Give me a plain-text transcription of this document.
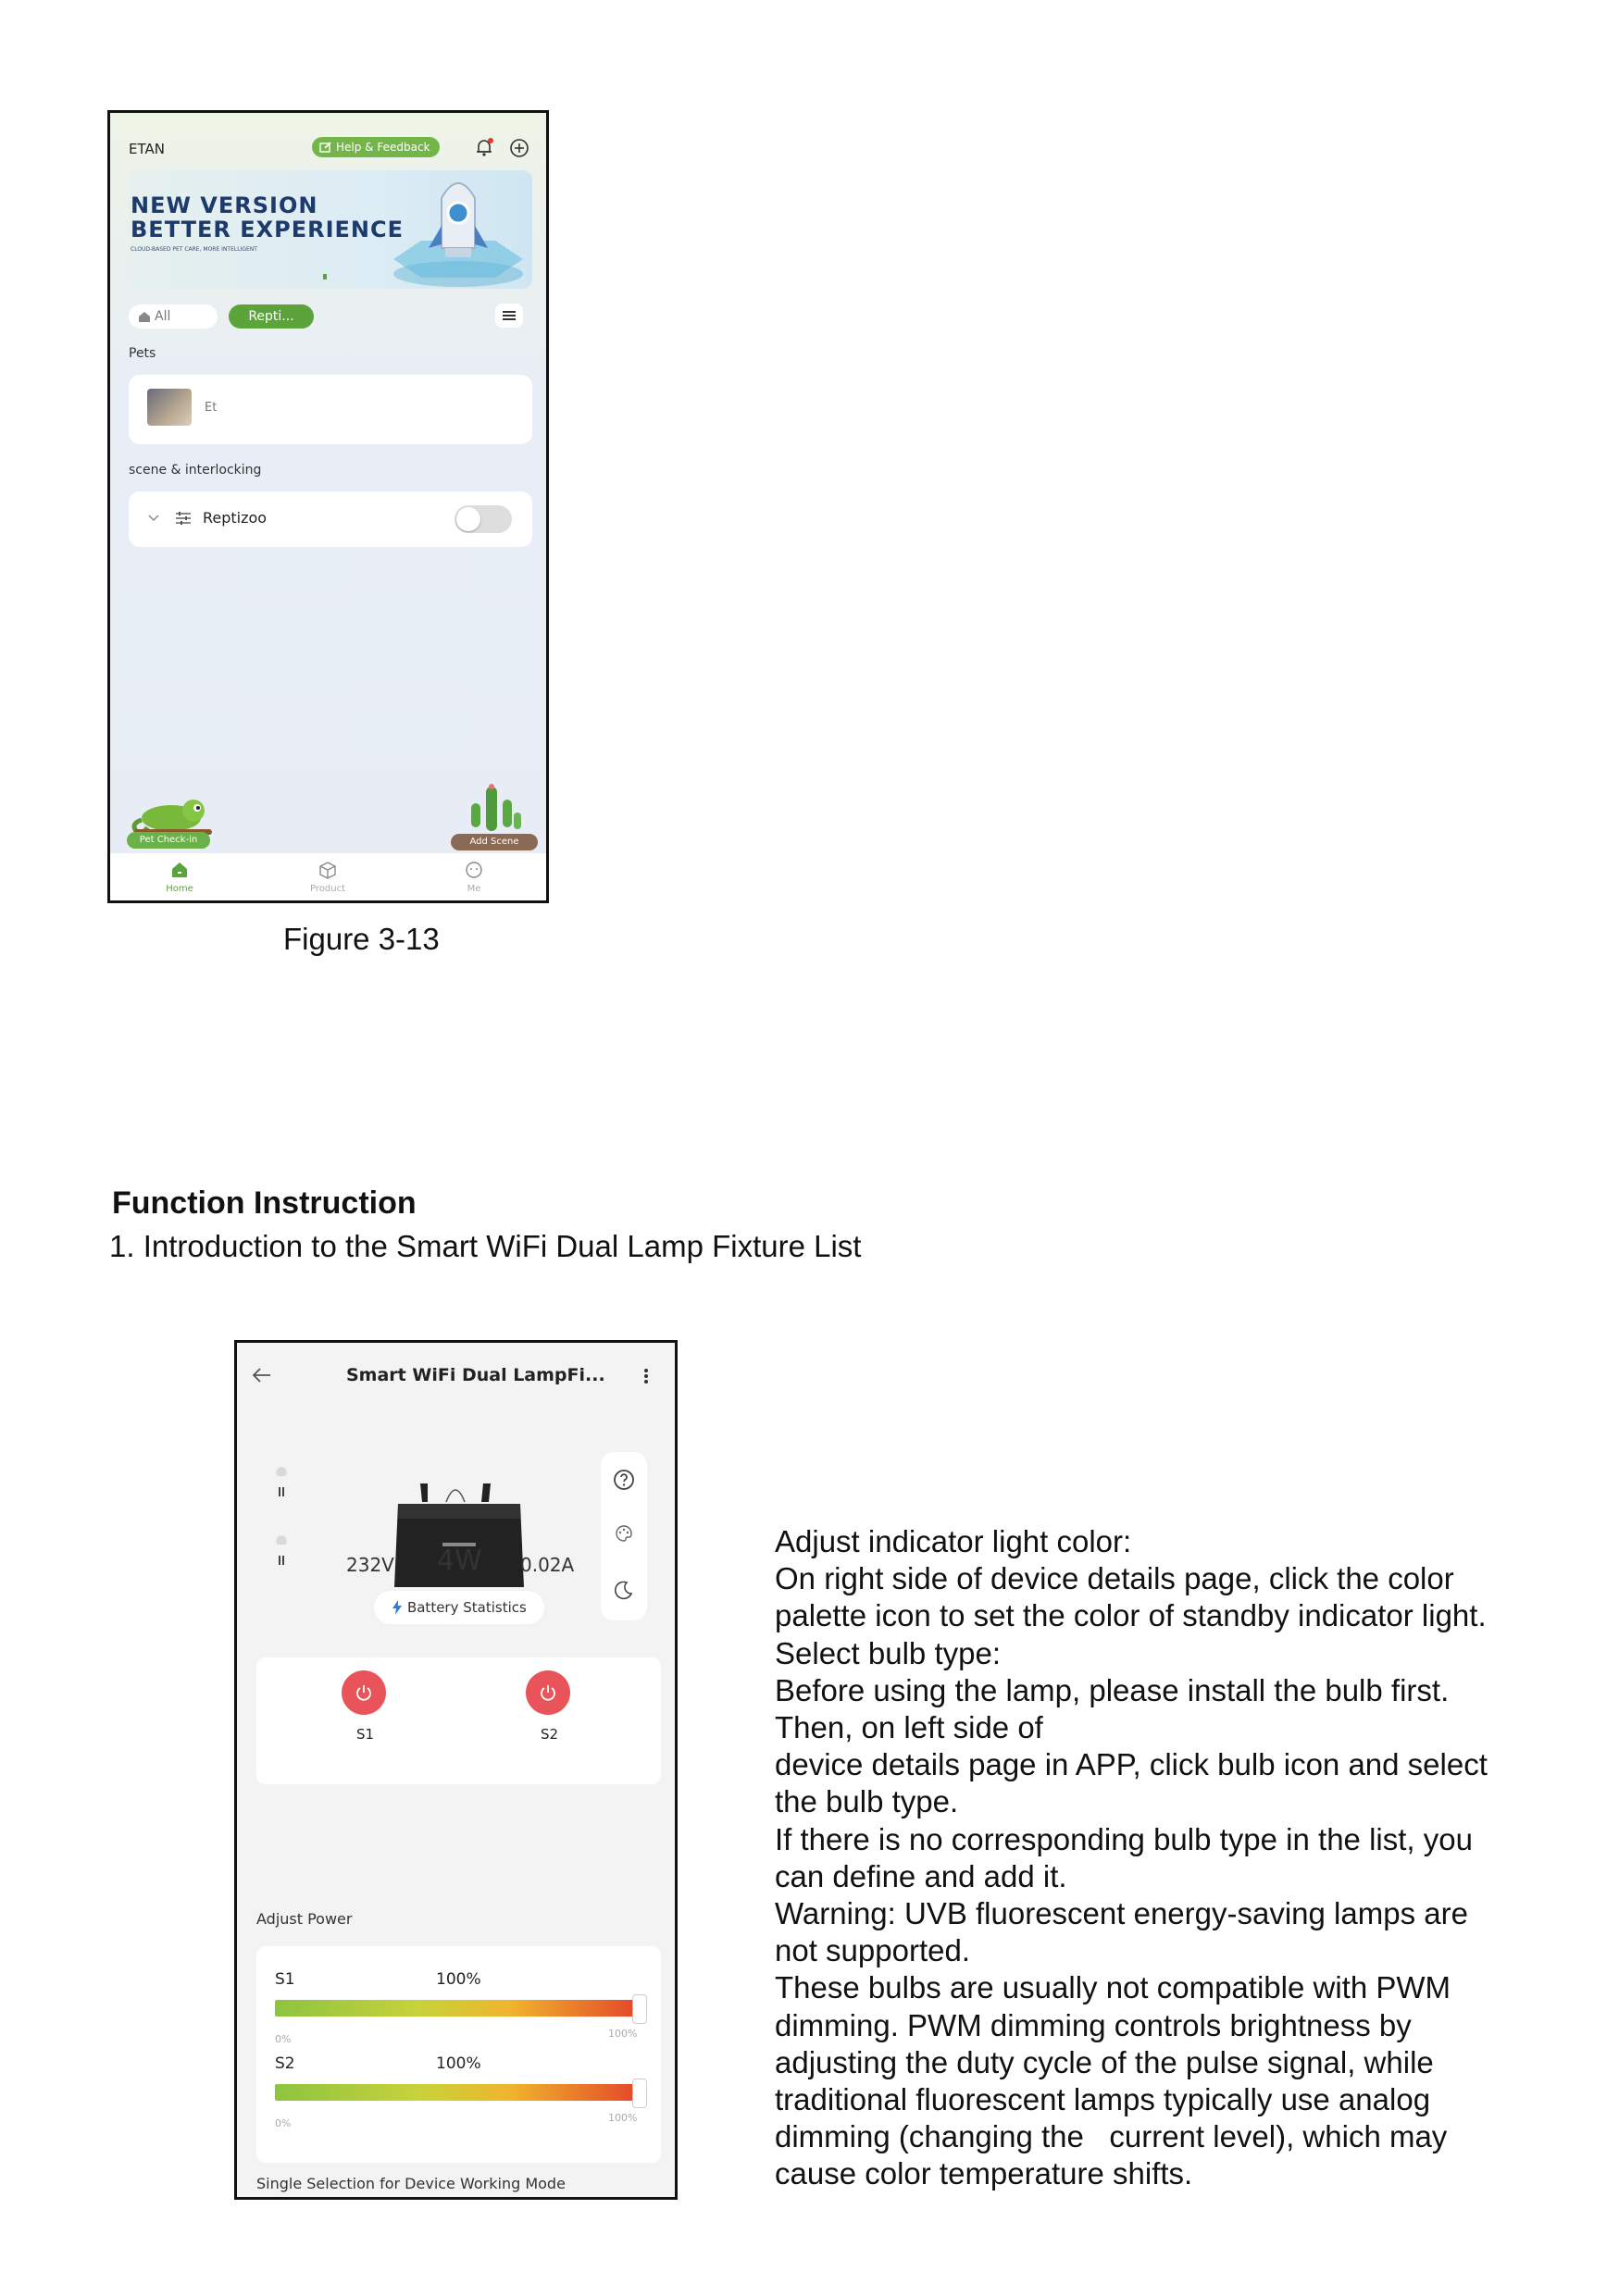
ETAN	Help & Feedback
NEW VERSION
BETTER EXPERIENCE
CLOUD-BASED PET CARE, MORE INTELLIGENT
All	Repti...
Pets
Et
scene & interlocking
Reptizoo
Pet Check-in	Add Scene
Home	Product	Me
Figure 3-13
Function Instruction
1. Introduction to the Smart WiFi Dual Lamp Fixture List
Smart WiFi Dual LampFi...
232V 4W 0.02A
Battery Statistics
S1	S2
Adjust Power
S1	100%
0%	100%
S2	100%
0%	100%
Single Selection for Device Working Mode
Adjust indicator light color:
On right side of device details page, click the color
palette icon to set the color of standby indicator light.
Select bulb type:
Before using the lamp, please install the bulb first.
Then, on left side of
device details page in APP, click bulb icon and select
the bulb type.
If there is no corresponding bulb type in the list, you
can define and add it.
Warning: UVB fluorescent energy-saving lamps are
not supported.
These bulbs are usually not compatible with PWM
dimming. PWM dimming controls brightness by
adjusting the duty cycle of the pulse signal, while
traditional fluorescent lamps typically use analog
dimming (changing the   current level), which may
cause color temperature shifts.
